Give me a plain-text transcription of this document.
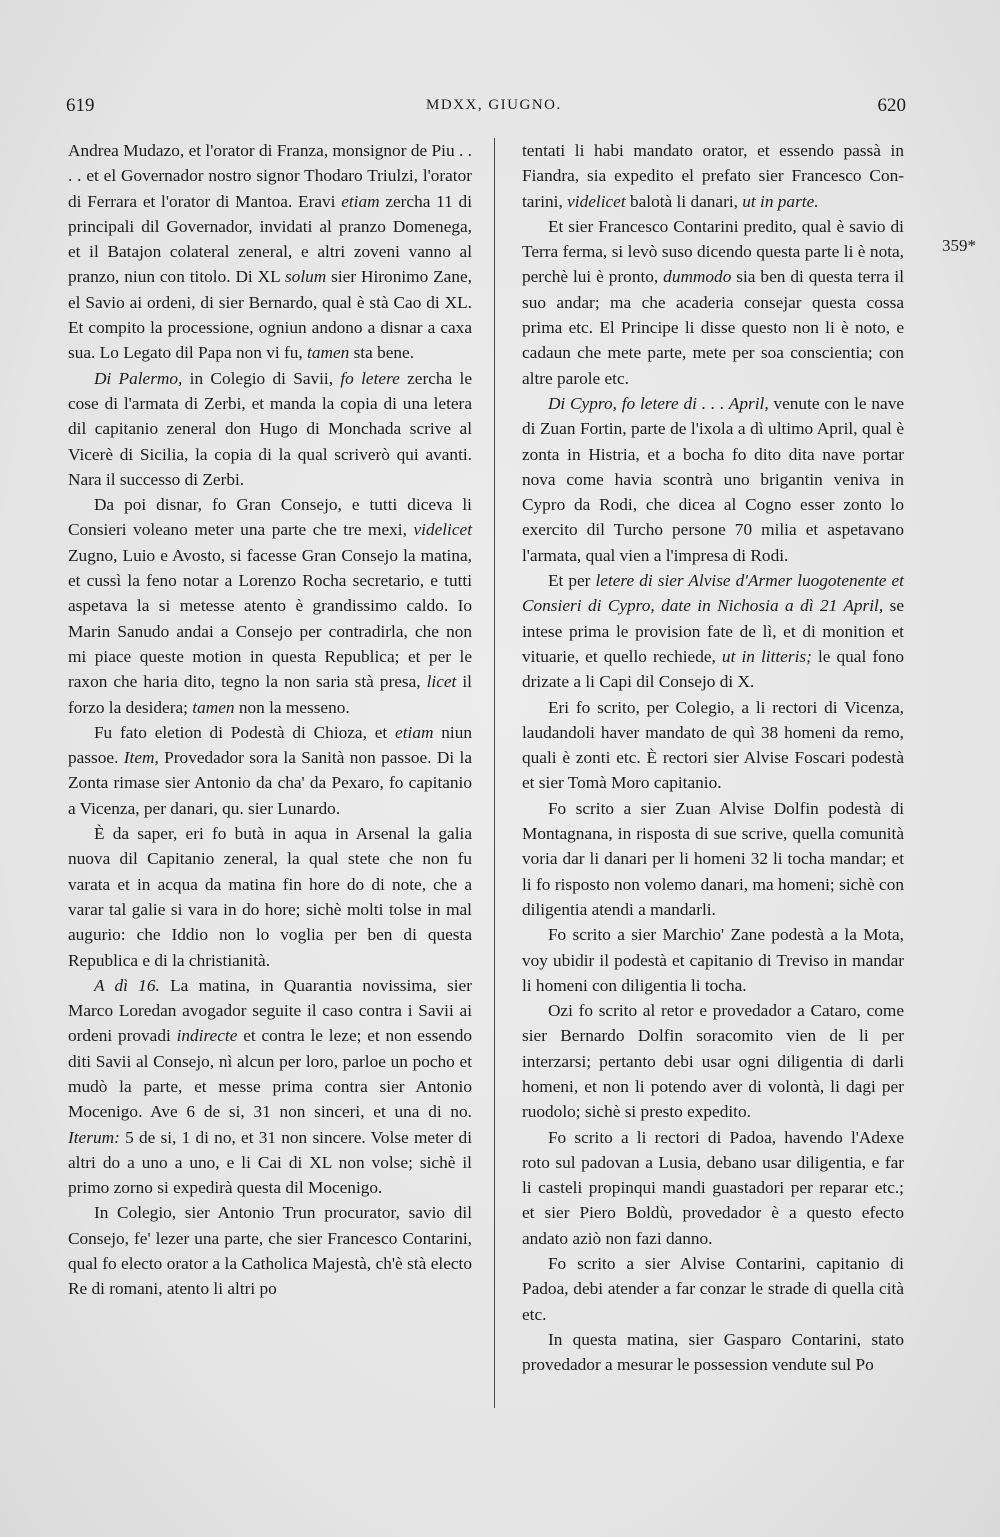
619	MDXX, GIUGNO.	620

Andrea Mudazo, et l'orator di Franza, monsignor de Piu . . . . et el Governador nostro signor Thodaro Triulzi, l'orator di Ferrara et l'orator di Mantoa. Eravi etiam zercha 11 di principali dil Governador, invidati al pranzo Domenega, et il Batajon colateral zeneral, e altri zoveni vanno al pranzo, niun con titolo. Di XL solum sier Hironimo Zane, el Savio ai ordeni, di sier Bernardo, qual è stà Cao di XL. Et compito la processione, ogniun andono a disnar a caxa sua. Lo Legato dil Papa non vi fu, tamen sta bene.

Di Palermo, in Colegio di Savii, fo letere zercha le cose di l'armata di Zerbi, et manda la copia di una letera dil capitanio zeneral don Hugo di Monchada scrive al Vicerè di Sicilia, la copia di la qual scriverò qui avanti. Nara il successo di Zerbi.

Da poi disnar, fo Gran Consejo, e tutti diceva li Consieri voleano meter una parte che tre mexi, videlicet Zugno, Luio e Avosto, si facesse Gran Consejo la matina, et cussì la feno notar a Lorenzo Rocha secretario, e tutti aspetava la si metesse atento è grandissimo caldo. Io Marin Sanudo andai a Consejo per contradirla, che non mi piace queste motion in questa Republica; et per le raxon che haria dito, tegno la non saria stà presa, licet il forzo la desidera; tamen non la messeno.

Fu fato eletion di Podestà di Chioza, et etiam niun passoe. Item, Provedador sora la Sanità non passoe. Di la Zonta rimase sier Antonio da cha' da Pexaro, fo capitanio a Vicenza, per danari, qu. sier Lunardo.

È da saper, eri fo butà in aqua in Arsenal la galia nuova dil Capitanio zeneral, la qual stete che non fu varata et in acqua da matina fin hore do di note, che a varar tal galie si vara in do hore; sichè molti tolse in mal augurio: che Iddio non lo voglia per ben di questa Republica e di la christianità.

A dì 16. La matina, in Quarantia novissima, sier Marco Loredan avogador seguite il caso contra i Savii ai ordeni provadi indirecte et contra le leze; et non essendo diti Savii al Consejo, nì alcun per loro, parloe un pocho et mudò la parte, et messe prima contra sier Antonio Mocenigo. Ave 6 de si, 31 non sinceri, et una di no. Iterum: 5 de si, 1 di no, et 31 non sincere. Volse meter di altri do a uno a uno, e li Cai di XL non volse; sichè il primo zorno si expedirà questa dil Mocenigo.

In Colegio, sier Antonio Trun procurator, savio dil Consejo, fe' lezer una parte, che sier Francesco Contarini, qual fo electo orator a la Catholica Majestà, ch'è stà electo Re di romani, atento li altri po

tentati li habi mandato orator, et essendo passà in Fiandra, sia expedito el prefato sier Francesco Contarini, videlicet balotà li danari, ut in parte.

Et sier Francesco Contarini predito, qual è savio di Terra ferma, si levò suso dicendo questa parte li è nota, perchè lui è pronto, dummodo sia ben di questa terra il suo andar; ma che acaderia consejar questa cossa prima etc. El Principe li disse questo non li è noto, e cadaun che mete parte, mete per soa conscientia; con altre parole etc.

Di Cypro, fo letere di . . . April, venute con le nave di Zuan Fortin, parte de l'ixola a dì ultimo April, qual è zonta in Histria, et a bocha fo dito dita nave portar nova come havia scontrà uno brigantin veniva in Cypro da Rodi, che dicea al Cogno esser zonto lo exercito dil Turcho persone 70 milia et aspetavano l'armata, qual vien a l'impresa di Rodi.

Et per letere di sier Alvise d'Armer luogotenente et Consieri di Cypro, date in Nichosia a dì 21 April, se intese prima le provision fate de lì, et di monition et vituarie, et quello rechiede, ut in litteris; le qual fono drizate a li Capi dil Consejo di X.

Eri fo scrito, per Colegio, a li rectori di Vicenza, laudandoli haver mandato de quì 38 homeni da remo, quali è zonti etc. È rectori sier Alvise Foscari podestà et sier Tomà Moro capitanio.

Fo scrito a sier Zuan Alvise Dolfin podestà di Montagnana, in risposta di sue scrive, quella comunità voria dar li danari per li homeni 32 li tocha mandar; et li fo risposto non volemo danari, ma homeni; sichè con diligentia atendi a mandarli.

Fo scrito a sier Marchio' Zane podestà a la Mota, voy ubidir il podestà et capitanio di Treviso in mandar li homeni con diligentia li tocha.

Ozi fo scrito al retor e provedador a Cataro, come sier Bernardo Dolfin soracomito vien de li per interzarsi; pertanto debi usar ogni diligentia di darli homeni, et non li potendo aver di volontà, li dagi per ruodolo; sichè si presto expedito.

Fo scrito a li rectori di Padoa, havendo l'Adexe roto sul padovan a Lusia, debano usar diligentia, e far li casteli propinqui mandi guastadori per reparar etc.; et sier Piero Boldù, provedador è a questo efecto andato aziò non fazi danno.

Fo scrito a sier Alvise Contarini, capitanio di Padoa, debi atender a far conzar le strade di quella cità etc.

In questa matina, sier Gasparo Contarini, stato provedador a mesurar le possession vendute sul Po

359*
